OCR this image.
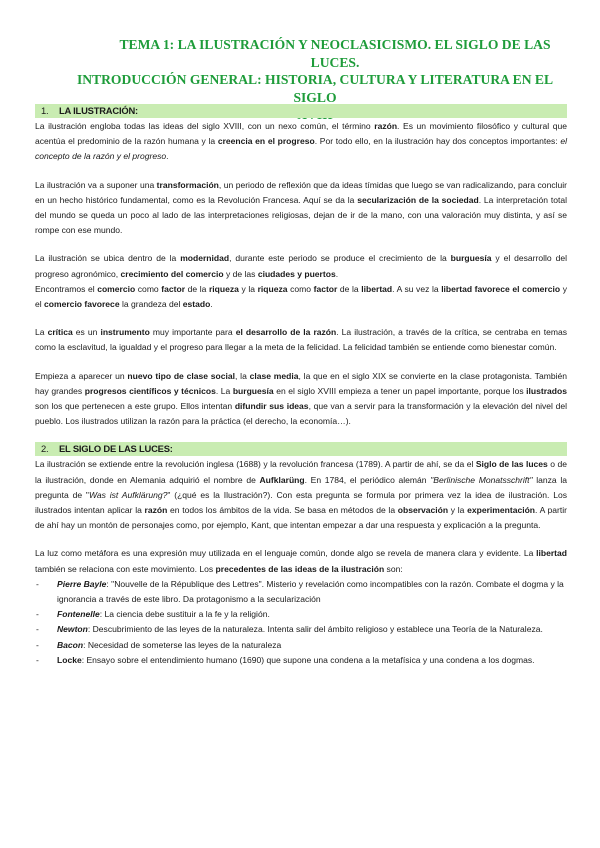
TEMA 1: LA ILUSTRACIÓN Y NEOCLASICISMO. EL SIGLO DE LAS LUCES.
INTRODUCCIÓN GENERAL: HISTORIA, CULTURA Y LITERATURA EN EL SIGLO
1. LA ILUSTRACIÓN:

La ilustración engloba todas las ideas del siglo XVIII, con un nexo común, el término razón. Es un movimiento filosófico y cultural que acentúa el predominio de la razón humana y la creencia en el progreso. Por todo ello, en la ilustración hay dos conceptos importantes: el concepto de la razón y el progreso.

La ilustración va a suponer una transformación, un periodo de reflexión que da ideas tímidas que luego se van radicalizando, para concluir en un hecho histórico fundamental, como es la Revolución Francesa. Aquí se da la secularización de la sociedad. La interpretación total del mundo se queda un poco al lado de las interpretaciones religiosas, dejan de ir de la mano, con una valoración muy distinta, y así se rompe con ese mundo.

La ilustración se ubica dentro de la modernidad, durante este periodo se produce el crecimiento de la burguesía y el desarrollo del progreso agronómico, crecimiento del comercio y de las ciudades y puertos.

Encontramos el comercio como factor de la riqueza y la riqueza como factor de la libertad. A su vez la libertad favorece el comercio y el comercio favorece la grandeza del estado.

La crítica es un instrumento muy importante para el desarrollo de la razón. La ilustración, a través de la crítica, se centraba en temas como la esclavitud, la igualdad y el progreso para llegar a la meta de la felicidad. La felicidad también se entiende como bienestar común.

Empieza a aparecer un nuevo tipo de clase social, la clase media, la que en el siglo XIX se convierte en la clase protagonista. También hay grandes progresos científicos y técnicos. La burguesía en el siglo XVIII empieza a tener un papel importante, porque los ilustrados son los que pertenecen a este grupo. Ellos intentan difundir sus ideas, que van a servir para la transformación y la elevación del nivel del pueblo. Los ilustrados utilizan la razón para la práctica (el derecho, la economía…).

2. EL SIGLO DE LAS LUCES:

La ilustración se extiende entre la revolución inglesa (1688) y la revolución francesa (1789). A partir de ahí, se da el Siglo de las luces o de la ilustración, donde en Alemania adquirió el nombre de Aufklarüng. En 1784, el periódico alemán "Berlinische Monatsschrift" lanza la pregunta de "Was ist Aufklärung?" (¿qué es la Ilustración?). Con esta pregunta se formula por primera vez la idea de ilustración. Los ilustrados intentan aplicar la razón en todos los ámbitos de la vida. Se basa en métodos de la observación y la experimentación. A partir de ahí hay un montón de personajes como, por ejemplo, Kant, que intentan empezar a dar una respuesta y explicación a la pregunta.

La luz como metáfora es una expresión muy utilizada en el lenguaje común, donde algo se revela de manera clara y evidente. La libertad también se relaciona con este movimiento. Los precedentes de las ideas de la ilustración son:

- Pierre Bayle: "Nouvelle de la République des Lettres". Misterio y revelación como incompatibles con la razón. Combate el dogma y la ignorancia a través de este libro. Da protagonismo a la secularización
- Fontenelle: La ciencia debe sustituir a la fe y la religión.
- Newton: Descubrimiento de las leyes de la naturaleza. Intenta salir del ámbito religioso y establece una Teoría de la Naturaleza.
- Bacon: Necesidad de someterse las leyes de la naturaleza
- Locke: Ensayo sobre el entendimiento humano (1690) que supone una condena a la metafísica y una condena a los dogmas.
